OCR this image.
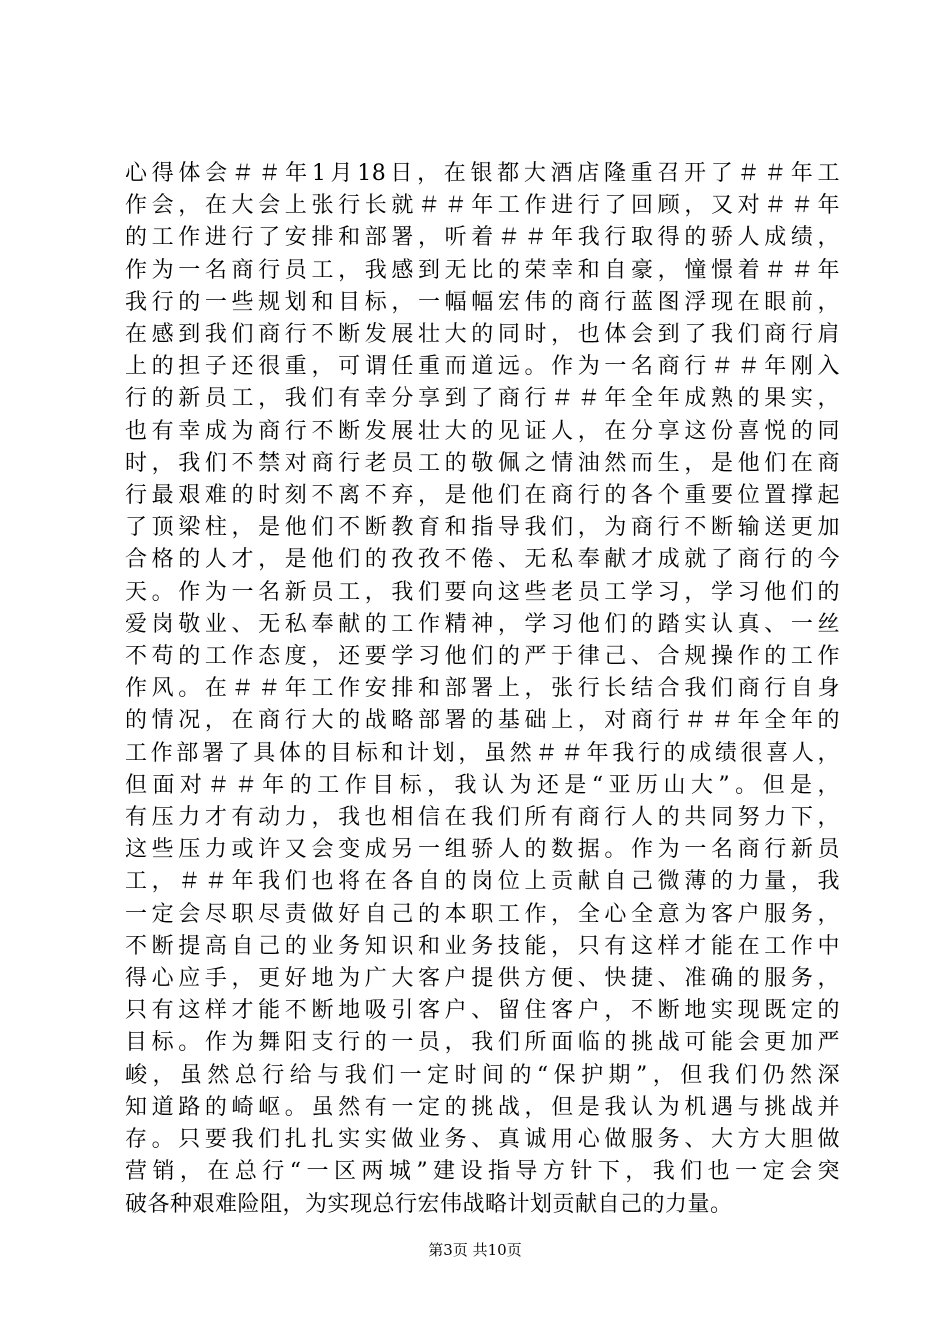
心得体会＃＃年1月18日，在银都大酒店隆重召开了＃＃年工
作会，在大会上张行长就＃＃年工作进行了回顾，又对＃＃年
的工作进行了安排和部署，听着＃＃年我行取得的骄人成绩，
作为一名商行员工，我感到无比的荣幸和自豪，憧憬着＃＃年
我行的一些规划和目标，一幅幅宏伟的商行蓝图浮现在眼前，
在感到我们商行不断发展壮大的同时，也体会到了我们商行肩
上的担子还很重，可谓任重而道远。作为一名商行＃＃年刚入
行的新员工，我们有幸分享到了商行＃＃年全年成熟的果实，
也有幸成为商行不断发展壮大的见证人，在分享这份喜悦的同
时，我们不禁对商行老员工的敬佩之情油然而生，是他们在商
行最艰难的时刻不离不弃，是他们在商行的各个重要位置撑起
了顶梁柱，是他们不断教育和指导我们，为商行不断输送更加
合格的人才，是他们的孜孜不倦、无私奉献才成就了商行的今
天。作为一名新员工，我们要向这些老员工学习，学习他们的
爱岗敬业、无私奉献的工作精神，学习他们的踏实认真、一丝
不苟的工作态度，还要学习他们的严于律己、合规操作的工作
作风。在＃＃年工作安排和部署上，张行长结合我们商行自身
的情况，在商行大的战略部署的基础上，对商行＃＃年全年的
工作部署了具体的目标和计划，虽然＃＃年我行的成绩很喜人，
但面对＃＃年的工作目标，我认为还是“亚历山大”。但是，
有压力才有动力，我也相信在我们所有商行人的共同努力下，
这些压力或许又会变成另一组骄人的数据。作为一名商行新员
工，＃＃年我们也将在各自的岗位上贡献自己微薄的力量，我
一定会尽职尽责做好自己的本职工作，全心全意为客户服务，
不断提高自己的业务知识和业务技能，只有这样才能在工作中
得心应手，更好地为广大客户提供方便、快捷、准确的服务，
只有这样才能不断地吸引客户、留住客户，不断地实现既定的
目标。作为舞阳支行的一员，我们所面临的挑战可能会更加严
峻，虽然总行给与我们一定时间的“保护期”，但我们仍然深
知道路的崎岖。虽然有一定的挑战，但是我认为机遇与挑战并
存。只要我们扎扎实实做业务、真诚用心做服务、大方大胆做
营销，在总行“一区两城”建设指导方针下，我们也一定会突
破各种艰难险阻，为实现总行宏伟战略计划贡献自己的力量。
第3页 共10页
